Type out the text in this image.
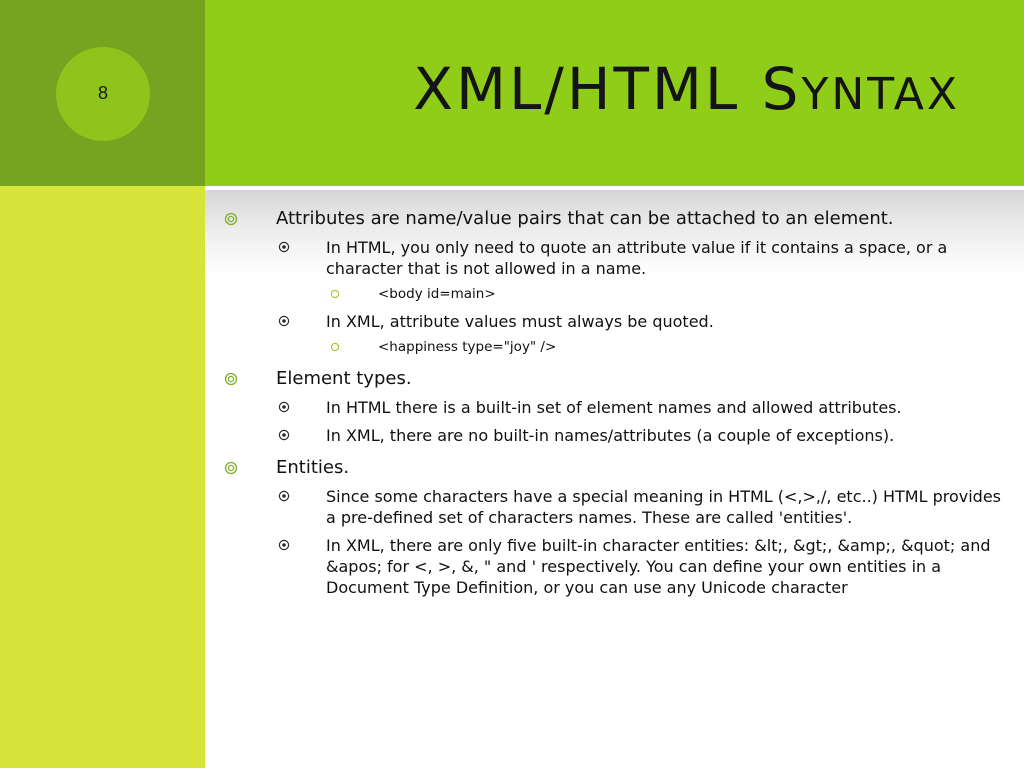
8	XML/HTML SYNTAX
Attributes are name/value pairs that can be attached to an element.
In HTML, you only need to quote an attribute value if it contains a space, or a character that is not allowed in a name.
<body id=main>
In XML, attribute values must always be quoted.
<happiness type="joy" />
Element types.
In HTML there is a built-in set of element names and allowed attributes.
In XML, there are no built-in names/attributes (a couple of exceptions).
Entities.
Since some characters have a special meaning in HTML (<,>,/, etc..) HTML provides a pre-defined set of characters names. These are called 'entities'.
In XML, there are only five built-in character entities: &lt;, &gt;, &amp;, &quot; and &apos; for <, >, &, " and ' respectively. You can define your own entities in a Document Type Definition, or you can use any Unicode character
